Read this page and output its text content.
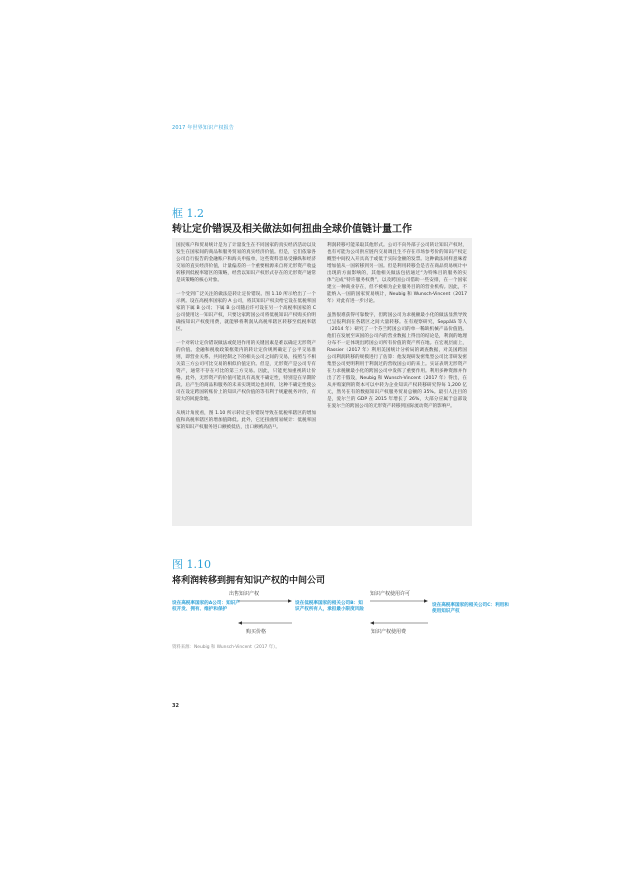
2017 年世界知识产权报告
框 1.2
转让定价错误及相关做法如何扭曲全球价值链计量工作

国民账户和贸易统计是为了计量发生在不同国家的真实经济活动以及发生在国家间的商品和服务贸易的真实经济价值。但是，它们依靠各公司自行报告的金融账户和海关申报单，这些资料容易受操纵和经济交易的直实经济价值，计量偏差的一个重要根源来自将无形资产收益转移到低税率辖区的策略，经营以知识产权形式存在的无形资产通常是该策略的核心对象。

一个受到广泛关注的做法是转让定价错误。图 1.10 所示给出了一个示例。设在高税率国家的 A 公司，将其知识产权卖给它设在低税率国家的下属 B 公司；下属 B 公司随后许可设在另一个高税率国家的 C 公司使用这一知识产权，只要这家跨国公司将低税知识产权购买价明确按知识产权使用费，就能够将利润从高税率辖区转移至低税率辖区。

一个对转让定价错误做法或促进作用的关键因素是难以确定无形资产的价值。金融和税收政策框架内的转让定价规则确定了公平交易准则，即营业关系、共同控制之下的相关公司之间的交易，按照与不相关第三方公司可比交易的相似价值定价。但是，无形资产是公司专有资产，通常不存在可比的第三方交易。因此，只能更加重视转让价格。此外，无形资产的价值可能具有高度不确定性，特别是在早期阶段。后产生的商品和服务的未来实现周边也同样，这种不确定性使公司在设定跨国转账价上的知识产权价值的等有利于规避税务评价，有较大的回旋余地。

从统计角度看，图 1.10 所示转让定价错误导致在低税率辖区的增加值和高税率辖区的增加值降低。此外，它还扭曲贸易统计：低税率国家的知识产权服务进口额被低估，出口额被高估¹¹。

利润转移可能采取其他形式。公司不向外部子公司转让知识产权时，也有可能为公司供应链内交易调且生不存在市场参考价的知识产权定概型中间投入开具高于或低于实际金额的发票。这种做法同样意味着增加值从一国转移到另一国。但是利用转移会是否在商品贸易统计中出现的方面影响的，其他相关做法包括通过“为特殊目的服务的实体”完成“特许服务权费”，以及跨国公司借助一些安排，在一个国家建立一种商业存在，但不被相为企业服务目的的营业机构。因此，不能纳入一国的国家贸易统计，Neubig 和 Wunsch-Vincent（2017 年）对此有进一步讨论。

虽然很难获得可靠数字，但跨国公司为求税额最小化的做法显然导致已呈报利润在各辖区之间大量转移。在有观察研究，Seppälä 等人（2014 年）研究了一个芬兰跨国公司的单一稀缺机械产品价值链。他们在发展至该国的公司内的营业数据上得出的结论是，利润的地理分布不一定体现出跨国公司所有价值的资产所在地。在宏观层面上，Rassier（2017 年）利用美国统计分析局的调查数据，对美国跨国公司利润转移的规模进行了估算：他发现研发密集型公司比非研发密集型公司更明利用于利润过的营收国公司的来上。实证表明无形资产在力求税额最小化的跨国公司中发挥了重要作用。利用多种资源并作出了若干假设，Neubig 和 Wunsch-Vincent（2017 年）得出，在从并购案例的资本可以中转为企业知识产权转移研究得每 1,200 亿元，然另在有的数据知识产权服务贸易总额的 35%。最引人注目的是，爱尔兰的 GDP 在 2015 年增长了 26%，大部分应属于总部设在爱尔兰的跨国公司的无形资产转移到国际流动资产的影响¹²。

图 1.10
将利润转移到拥有知识产权的中间公司
设在高税率国家的A公司：知识产权开发、拥有、维护和保护
设在低税率国家的相关公司B：知识产权所有人，承担最小限度风险
设在高税率国家的相关公司C：利用和使用知识产权
出售知识产权
购买价格
知识产权使用许可
知识产权使用费
资料来源：Neubig 和 Wunsch-Vincent（2017 年）。
32
